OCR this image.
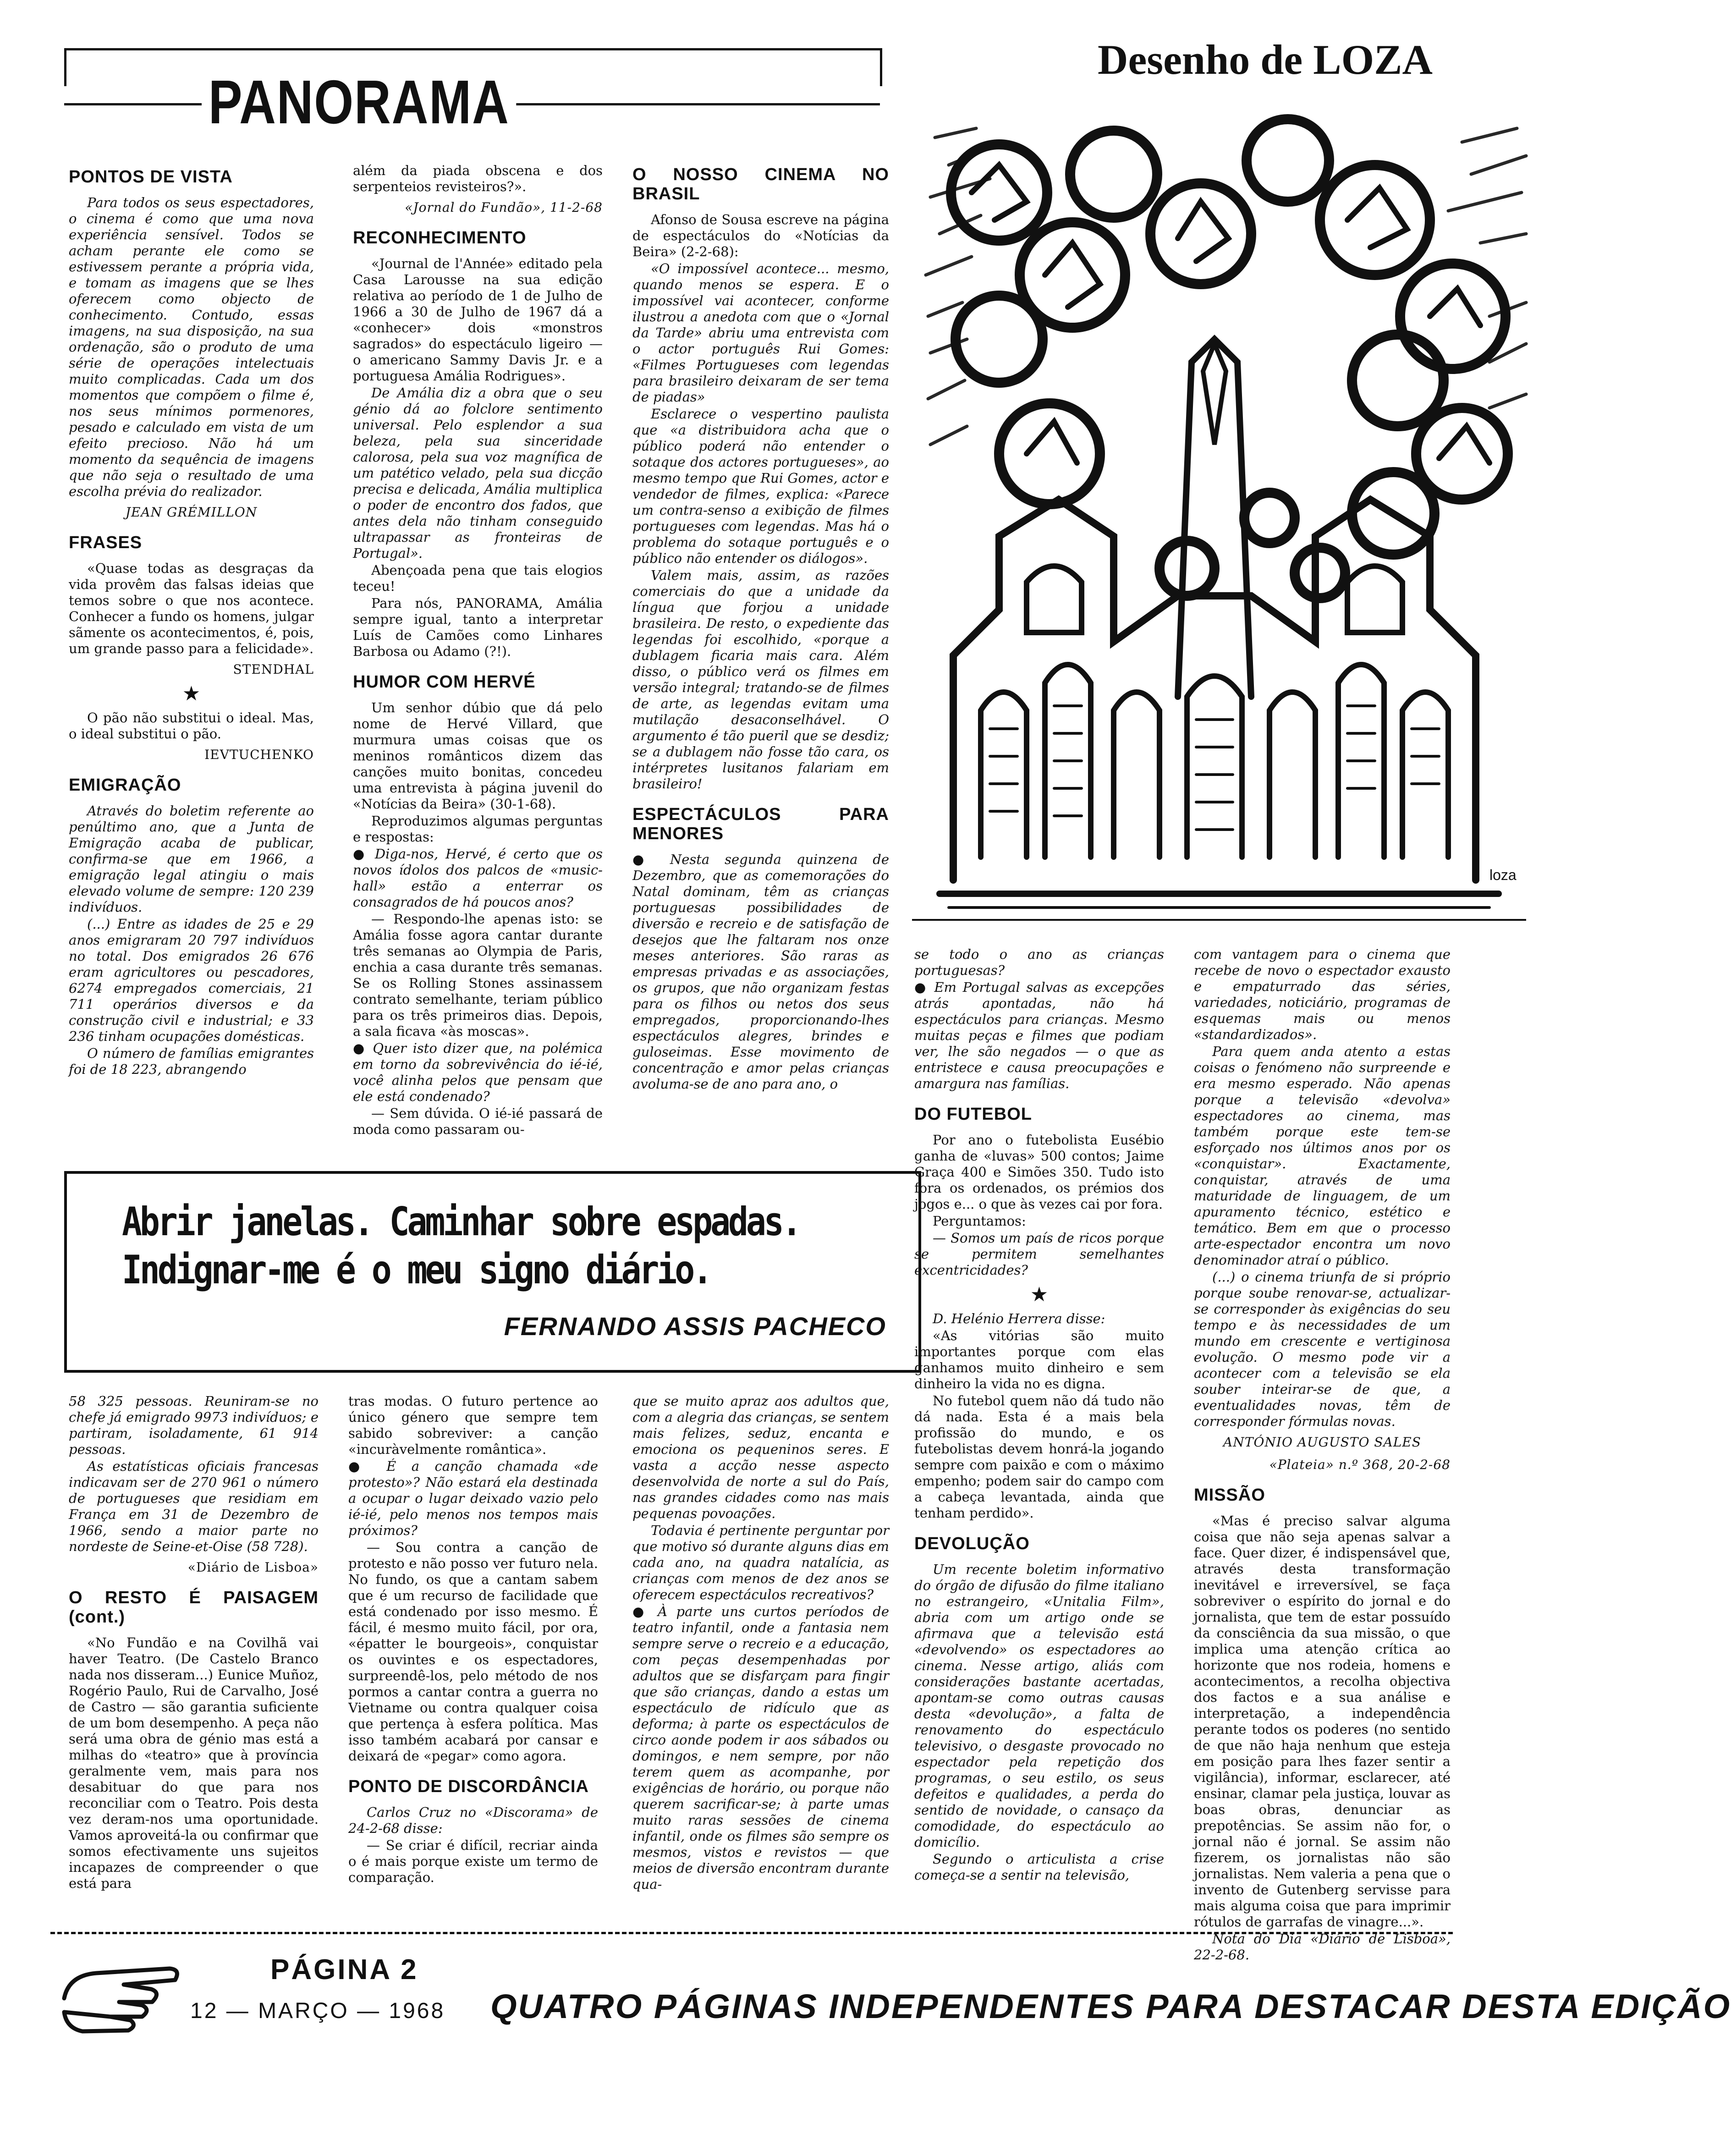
PANORAMA
Desenho de LOZA
loza
PONTOS DE VISTA

Para todos os seus espectadores, o cinema é como que uma nova experiência sensível. Todos se acham perante ele como se estivessem perante a própria vida, e tomam as imagens que se lhes oferecem como objecto de conhecimento. Contudo, essas imagens, na sua disposição, na sua ordenação, são o produto de uma série de operações intelectuais muito complicadas. Cada um dos momentos que compõem o filme é, nos seus mínimos pormenores, pesado e calculado em vista de um efeito precioso. Não há um momento da sequência de imagens que não seja o resultado de uma escolha prévia do realizador.

JEAN GRÉMILLON
FRASES

«Quase todas as desgraças da vida provêm das falsas ideias que temos sobre o que nos acontece. Conhecer a fundo os homens, julgar sãmente os acontecimentos, é, pois, um grande passo para a felicidade».

STENDHAL
★

O pão não substitui o ideal. Mas, o ideal substitui o pão.

IEVTUCHENKO
EMIGRAÇÃO

Através do boletim referente ao penúltimo ano, que a Junta de Emigração acaba de publicar, confirma-se que em 1966, a emigração legal atingiu o mais elevado volume de sempre: 120 239 indivíduos.

(...) Entre as idades de 25 e 29 anos emigraram 20 797 indivíduos no total. Dos emigrados 26 676 eram agricultores ou pescadores, 6274 empregados comerciais, 21 711 operários diversos e da construção civil e industrial; e 33 236 tinham ocupações domésticas.

O número de famílias emigrantes foi de 18 223, abrangendo

além da piada obscena e dos serpenteios revisteiros?».

«Jornal do Fundão», 11-2-68
RECONHECIMENTO

«Journal de l'Année» editado pela Casa Larousse na sua edição relativa ao período de 1 de Julho de 1966 a 30 de Julho de 1967 dá a «conhecer» dois «monstros sagrados» do espectáculo ligeiro — o americano Sammy Davis Jr. e a portuguesa Amália Rodrigues».

De Amália diz a obra que o seu génio dá ao folclore sentimento universal. Pelo esplendor a sua beleza, pela sua sinceridade calorosa, pela sua voz magnífica de um patético velado, pela sua dicção precisa e delicada, Amália multiplica o poder de encontro dos fados, que antes dela não tinham conseguido ultrapassar as fronteiras de Portugal».

Abençoada pena que tais elogios teceu!

Para nós, PANORAMA, Amália sempre igual, tanto a interpretar Luís de Camões como Linhares Barbosa ou Adamo (?!).

HUMOR COM HERVÉ

Um senhor dúbio que dá pelo nome de Hervé Villard, que murmura umas coisas que os meninos românticos dizem das canções muito bonitas, concedeu uma entrevista à página juvenil do «Notícias da Beira» (30-1-68).

Reproduzimos algumas perguntas e respostas:

● Diga-nos, Hervé, é certo que os novos ídolos dos palcos de «music-hall» estão a enterrar os consagrados de há poucos anos?

— Respondo-lhe apenas isto: se Amália fosse agora cantar durante três semanas ao Olympia de Paris, enchia a casa durante três semanas. Se os Rolling Stones assinassem contrato semelhante, teriam público para os três primeiros dias. Depois, a sala ficava «às moscas».

● Quer isto dizer que, na polémica em torno da sobrevivência do ié-ié, você alinha pelos que pensam que ele está condenado?

— Sem dúvida. O ié-ié passará de moda como passaram ou-

O NOSSO CINEMA NO BRASIL

Afonso de Sousa escreve na página de espectáculos do «Notícias da Beira» (2-2-68):

«O impossível acontece... mesmo, quando menos se espera. E o impossível vai acontecer, conforme ilustrou a anedota com que o «Jornal da Tarde» abriu uma entrevista com o actor português Rui Gomes: «Filmes Portugueses com legendas para brasileiro deixaram de ser tema de piadas»

Esclarece o vespertino paulista que «a distribuidora acha que o público poderá não entender o sotaque dos actores portugueses», ao mesmo tempo que Rui Gomes, actor e vendedor de filmes, explica: «Parece um contra-senso a exibição de filmes portugueses com legendas. Mas há o problema do sotaque português e o público não entender os diálogos».

Valem mais, assim, as razões comerciais do que a unidade da língua que forjou a unidade brasileira. De resto, o expediente das legendas foi escolhido, «porque a dublagem ficaria mais cara. Além disso, o público verá os filmes em versão integral; tratando-se de filmes de arte, as legendas evitam uma mutilação desaconselhável. O argumento é tão pueril que se desdiz; se a dublagem não fosse tão cara, os intérpretes lusitanos falariam em brasileiro!

ESPECTÁCULOS PARA MENORES

● Nesta segunda quinzena de Dezembro, que as comemorações do Natal dominam, têm as crianças portuguesas possibilidades de diversão e recreio e de satisfação de desejos que lhe faltaram nos onze meses anteriores. São raras as empresas privadas e as associações, os grupos, que não organizam festas para os filhos ou netos dos seus empregados, proporcionando-lhes espectáculos alegres, brindes e guloseimas. Esse movimento de concentração e amor pelas crianças avoluma-se de ano para ano, o

se todo o ano as crianças portuguesas?

● Em Portugal salvas as excepções atrás apontadas, não há espectáculos para crianças. Mesmo muitas peças e filmes que podiam ver, lhe são negados — o que as entristece e causa preocupações e amargura nas famílias.

DO FUTEBOL

Por ano o futebolista Eusébio ganha de «luvas» 500 contos; Jaime Graça 400 e Simões 350. Tudo isto fora os ordenados, os prémios dos jogos e... o que às vezes cai por fora.

Perguntamos:

— Somos um país de ricos porque se permitem semelhantes excentricidades?

★

D. Helénio Herrera disse:

«As vitórias são muito importantes porque com elas ganhamos muito dinheiro e sem dinheiro la vida no es digna.

No futebol quem não dá tudo não dá nada. Esta é a mais bela profissão do mundo, e os futebolistas devem honrá-la jogando sempre com paixão e com o máximo empenho; podem sair do campo com a cabeça levantada, ainda que tenham perdido».

DEVOLUÇÃO

Um recente boletim informativo do órgão de difusão do filme italiano no estrangeiro, «Unitalia Film», abria com um artigo onde se afirmava que a televisão está «devolvendo» os espectadores ao cinema. Nesse artigo, aliás com considerações bastante acertadas, apontam-se como outras causas desta «devolução», a falta de renovamento do espectáculo televisivo, o desgaste provocado no espectador pela repetição dos programas, o seu estilo, os seus defeitos e qualidades, a perda do sentido de novidade, o cansaço da comodidade, do espectáculo ao domicílio.

Segundo o articulista a crise começa-se a sentir na televisão,

com vantagem para o cinema que recebe de novo o espectador exausto e empaturrado das séries, variedades, noticiário, programas de esquemas mais ou menos «standardizados».

Para quem anda atento a estas coisas o fenómeno não surpreende e era mesmo esperado. Não apenas porque a televisão «devolva» espectadores ao cinema, mas também porque este tem-se esforçado nos últimos anos por os «conquistar». Exactamente, conquistar, através de uma maturidade de linguagem, de um apuramento técnico, estético e temático. Bem em que o processo arte-espectador encontra um novo denominador atraí o público.

(...) o cinema triunfa de si próprio porque soube renovar-se, actualizar-se corresponder às exigências do seu tempo e às necessidades de um mundo em crescente e vertiginosa evolução. O mesmo pode vir a acontecer com a televisão se ela souber inteirar-se de que, a eventualidades novas, têm de corresponder fórmulas novas.

ANTÓNIO AUGUSTO SALES
«Plateia» n.º 368, 20-2-68
MISSÃO

«Mas é preciso salvar alguma coisa que não seja apenas salvar a face. Quer dizer, é indispensável que, através desta transformação inevitável e irreversível, se faça sobreviver o espírito do jornal e do jornalista, que tem de estar possuído da consciência da sua missão, o que implica uma atenção crítica ao horizonte que nos rodeia, homens e acontecimentos, a recolha objectiva dos factos e a sua análise e interpretação, a independência perante todos os poderes (no sentido de que não haja nenhum que esteja em posição para lhes fazer sentir a vigilância), informar, esclarecer, até ensinar, clamar pela justiça, louvar as boas obras, denunciar as prepotências. Se assim não for, o jornal não é jornal. Se assim não fizerem, os jornalistas não são jornalistas. Nem valeria a pena que o invento de Gutenberg servisse para mais alguma coisa que para imprimir rótulos de garrafas de vinagre...».

Nota do Dia «Diário de Lisboa», 22-2-68.

Abrir janelas. Caminhar sobre espadas.
Indignar-me é o meu signo diário.
FERNANDO ASSIS PACHECO

58 325 pessoas. Reuniram-se no chefe já emigrado 9973 indivíduos; e partiram, isoladamente, 61 914 pessoas.

As estatísticas oficiais francesas indicavam ser de 270 961 o número de portugueses que residiam em França em 31 de Dezembro de 1966, sendo a maior parte no nordeste de Seine-et-Oise (58 728).

«Diário de Lisboa»
O RESTO É PAISAGEM (cont.)

«No Fundão e na Covilhã vai haver Teatro. (De Castelo Branco nada nos disseram...) Eunice Muñoz, Rogério Paulo, Rui de Carvalho, José de Castro — são garantia suficiente de um bom desempenho. A peça não será uma obra de génio mas está a milhas do «teatro» que à província geralmente vem, mais para nos desabituar do que para nos reconciliar com o Teatro. Pois desta vez deram-nos uma oportunidade. Vamos aproveitá-la ou confirmar que somos efectivamente uns sujeitos incapazes de compreender o que está para

tras modas. O futuro pertence ao único género que sempre tem sabido sobreviver: a canção «incuràvelmente romântica».

● É a canção chamada «de protesto»? Não estará ela destinada a ocupar o lugar deixado vazio pelo ié-ié, pelo menos nos tempos mais próximos?

— Sou contra a canção de protesto e não posso ver futuro nela. No fundo, os que a cantam sabem que é um recurso de facilidade que está condenado por isso mesmo. É fácil, é mesmo muito fácil, por ora, «épatter le bourgeois», conquistar os ouvintes e os espectadores, surpreendê-los, pelo método de nos pormos a cantar contra a guerra no Vietname ou contra qualquer coisa que pertença à esfera política. Mas isso também acabará por cansar e deixará de «pegar» como agora.

PONTO DE DISCORDÂNCIA

Carlos Cruz no «Discorama» de 24-2-68 disse:

— Se criar é difícil, recriar ainda o é mais porque existe um termo de comparação.

que se muito apraz aos adultos que, com a alegria das crianças, se sentem mais felizes, seduz, encanta e emociona os pequeninos seres. E vasta a acção nesse aspecto desenvolvida de norte a sul do País, nas grandes cidades como nas mais pequenas povoações.

Todavia é pertinente perguntar por que motivo só durante alguns dias em cada ano, na quadra natalícia, as crianças com menos de dez anos se oferecem espectáculos recreativos?

● À parte uns curtos períodos de teatro infantil, onde a fantasia nem sempre serve o recreio e a educação, com peças desempenhadas por adultos que se disfarçam para fingir que são crianças, dando a estas um espectáculo de ridículo que as deforma; à parte os espectáculos de circo aonde podem ir aos sábados ou domingos, e nem sempre, por não terem quem as acompanhe, por exigências de horário, ou porque não querem sacrificar-se; à parte umas muito raras sessões de cinema infantil, onde os filmes são sempre os mesmos, vistos e revistos — que meios de diversão encontram durante qua-

PÁGINA 2
12 — MARÇO — 1968 QUATRO PÁGINAS INDEPENDENTES PARA DESTACAR DESTA EDIÇÃO
